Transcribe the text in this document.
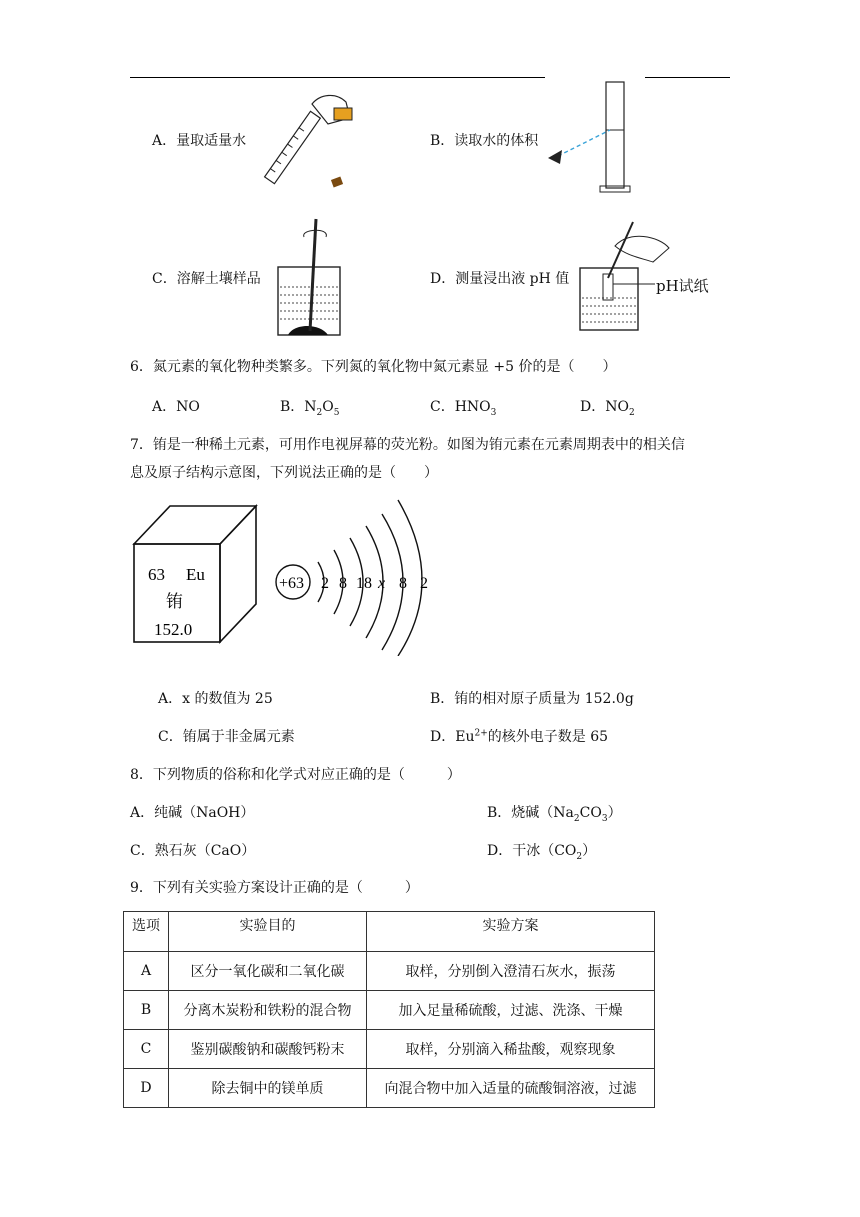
A．量取适量水	B．读取水的体积
C．溶解土壤样品	D．测量浸出液 pH 值	pH试纸
6．氮元素的氧化物种类繁多。下列氮的氧化物中氮元素显 +5 价的是（　　）
A．NO	B．$N_2O_5$	C．$HNO_3$	D．$NO_2$
7．铕是一种稀土元素，可用作电视屏幕的荧光粉。如图为铕元素在元素周期表中的相关信
息及原子结构示意图，下列说法正确的是（　　）
63 Eu
铕
152.0
+63 2 8 18 x 8 2
A．x 的数值为 25	B．铕的相对原子质量为 152.0g
C．铕属于非金属元素	D．$Eu^{2+}$的核外电子数是 65
8．下列物质的俗称和化学式对应正确的是（　　　）
A．纯碱（NaOH）	B．烧碱$(Na_2CO_3)$
C．熟石灰（CaO）	D．干冰$(CO_2)$
9．下列有关实验方案设计正确的是（　　　）
选项	实验目的	实验方案
A	区分一氧化碳和二氧化碳	取样，分别倒入澄清石灰水，振荡
B	分离木炭粉和铁粉的混合物	加入足量稀硫酸，过滤、洗涤、干燥
C	鉴别碳酸钠和碳酸钙粉末	取样，分别滴入稀盐酸，观察现象
D	除去铜中的镁单质	向混合物中加入适量的硫酸铜溶液，过滤
